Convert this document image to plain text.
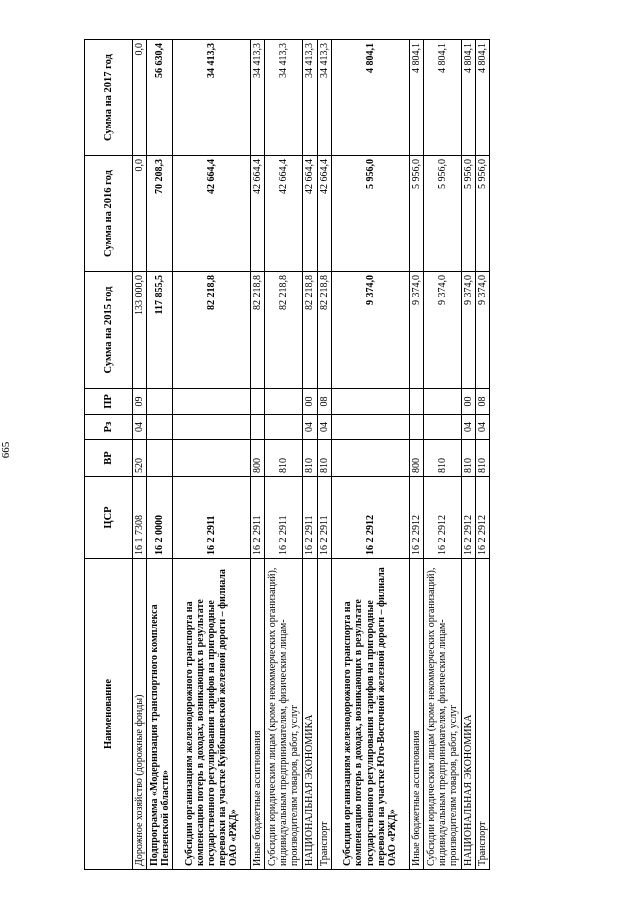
665
Наименование	ЦСР	ВР	Рз	ПР	Сумма на 2015 год	Сумма на 2016 год	Сумма на 2017 год
Дорожное хозяйство (дорожные фонды)	16 1 7308	520	04	09	133 000,0	0,0	0,0
Подпрограмма «Модернизация транспортного комплекса Пензенской области»	16 2 0000				117 855,5	70 208,3	56 630,4
Субсидии организациям железнодорожного транспорта на компенсацию потерь в доходах, возникающих в результате государственного регулирования тарифов на пригородные перевозки на участке Куйбышевской железной дороги – филиала ОАО «РЖД»	16 2 2911				82 218,8	42 664,4	34 413,3
Иные бюджетные ассигнования	16 2 2911	800			82 218,8	42 664,4	34 413,3
Субсидии юридическим лицам (кроме некоммерческих организаций), индивидуальным предпринимателям, физическим лицам-производителям товаров, работ, услуг	16 2 2911	810			82 218,8	42 664,4	34 413,3
НАЦИОНАЛЬНАЯ ЭКОНОМИКА	16 2 2911	810	04	00	82 218,8	42 664,4	34 413,3
Транспорт	16 2 2911	810	04	08	82 218,8	42 664,4	34 413,3
Субсидии организациям железнодорожного транспорта на компенсацию потерь в доходах, возникающих в результате государственного регулирования тарифов на пригородные перевозки на участке Юго-Восточной железной дороги – филиала ОАО «РЖД»	16 2 2912				9 374,0	5 956,0	4 804,1
Иные бюджетные ассигнования	16 2 2912	800			9 374,0	5 956,0	4 804,1
Субсидии юридическим лицам (кроме некоммерческих организаций), индивидуальным предпринимателям, физическим лицам-производителям товаров, работ, услуг	16 2 2912	810			9 374,0	5 956,0	4 804,1
НАЦИОНАЛЬНАЯ ЭКОНОМИКА	16 2 2912	810	04	00	9 374,0	5 956,0	4 804,1
Транспорт	16 2 2912	810	04	08	9 374,0	5 956,0	4 804,1
